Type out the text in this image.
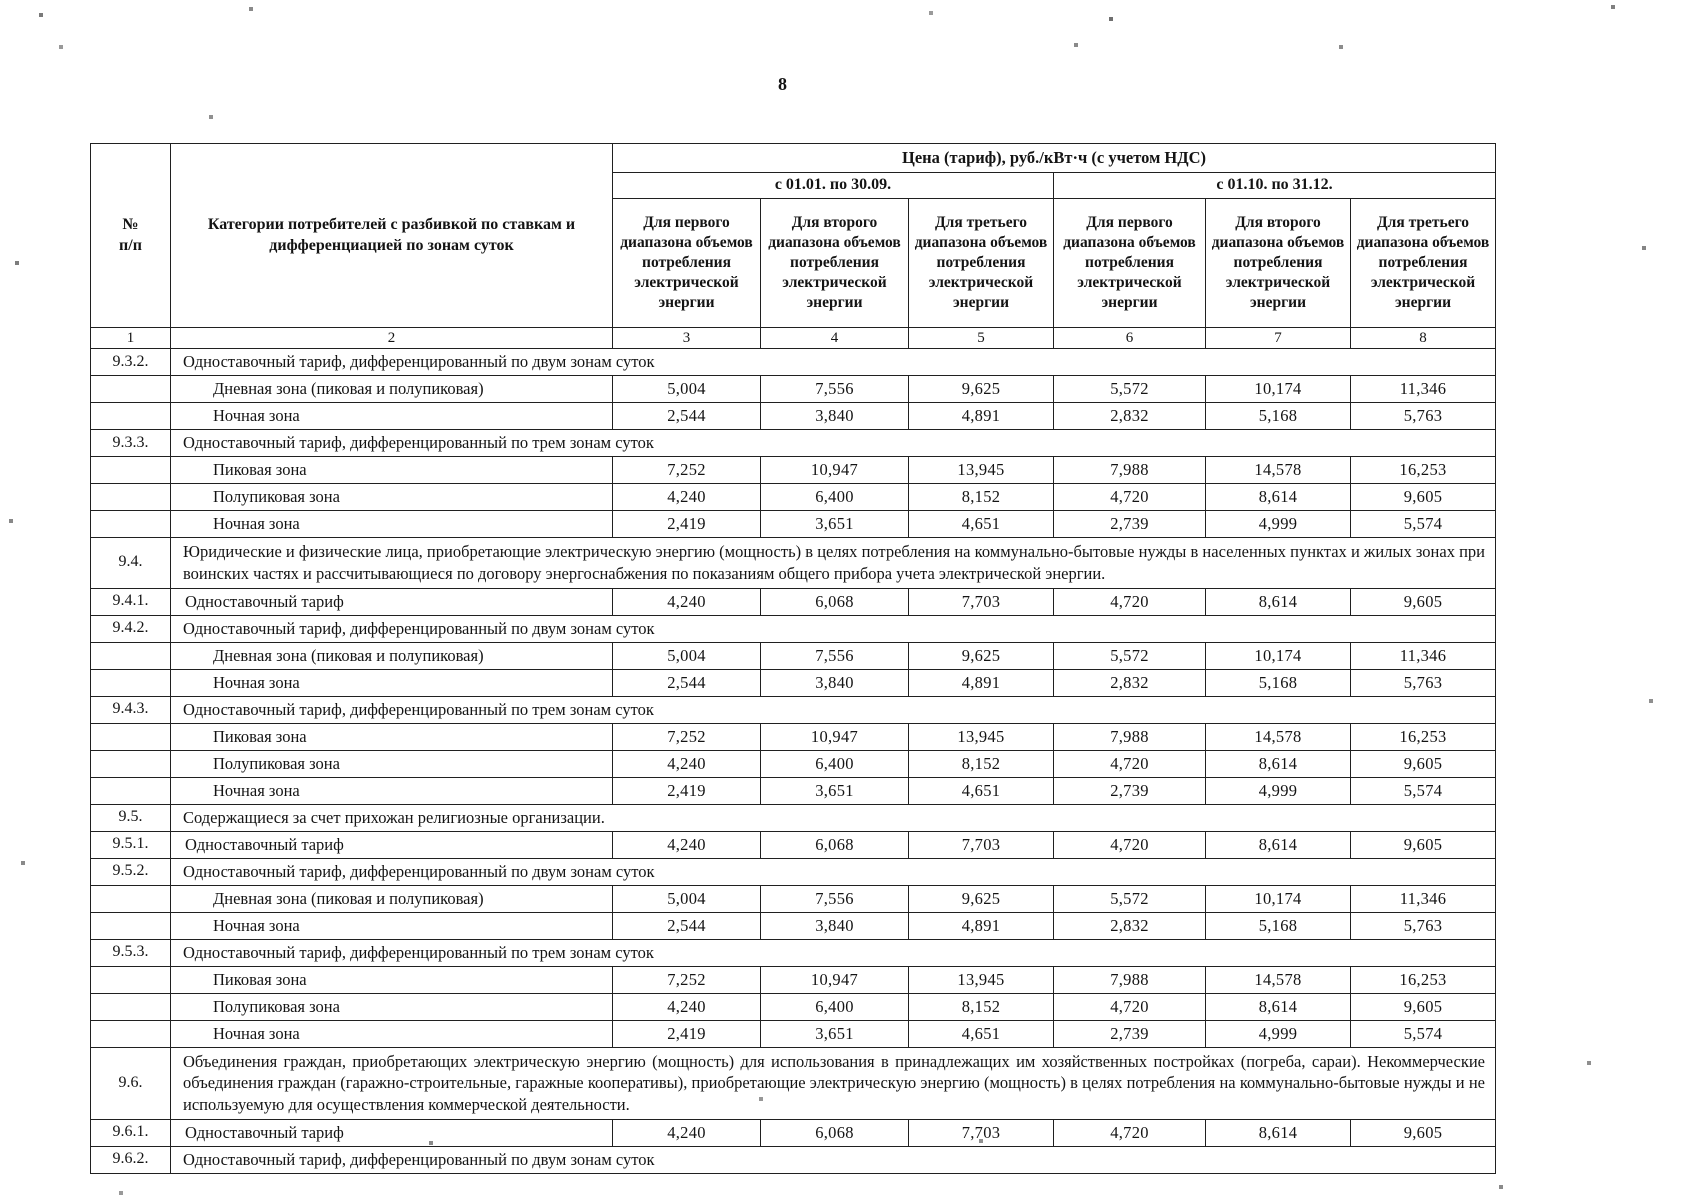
8
№
п/п	Категории потребителей с разбивкой по ставкам и дифференциацией по зонам суток	Цена (тариф), руб./кВт·ч (с учетом НДС)					
		с 01.01. по 30.09.			с 01.10. по 31.12.		
		Для первого диапазона объемов потребления электрической энергии	Для второго диапазона объемов потребления электрической энергии	Для третьего диапазона объемов потребления электрической энергии	Для первого диапазона объемов потребления электрической энергии	Для второго диапазона объемов потребления электрической энергии	Для третьего диапазона объемов потребления электрической энергии
1	2	3	4	5	6	7	8
9.3.2.	Одноставочный тариф, дифференцированный по двум зонам суток						
	Дневная зона (пиковая и полупиковая)	5,004	7,556	9,625	5,572	10,174	11,346
	Ночная зона	2,544	3,840	4,891	2,832	5,168	5,763
9.3.3.	Одноставочный тариф, дифференцированный по трем зонам суток						
	Пиковая зона	7,252	10,947	13,945	7,988	14,578	16,253
	Полупиковая зона	4,240	6,400	8,152	4,720	8,614	9,605
	Ночная зона	2,419	3,651	4,651	2,739	4,999	5,574
9.4.	Юридические и физические лица, приобретающие электрическую энергию (мощность) в целях потребления на коммунально-бытовые нужды в населенных пунктах и жилых зонах при воинских частях и рассчитывающиеся по договору энергоснабжения по показаниям общего прибора учета электрической энергии.						
9.4.1.	Одноставочный тариф	4,240	6,068	7,703	4,720	8,614	9,605
9.4.2.	Одноставочный тариф, дифференцированный по двум зонам суток						
	Дневная зона (пиковая и полупиковая)	5,004	7,556	9,625	5,572	10,174	11,346
	Ночная зона	2,544	3,840	4,891	2,832	5,168	5,763
9.4.3.	Одноставочный тариф, дифференцированный по трем зонам суток						
	Пиковая зона	7,252	10,947	13,945	7,988	14,578	16,253
	Полупиковая зона	4,240	6,400	8,152	4,720	8,614	9,605
	Ночная зона	2,419	3,651	4,651	2,739	4,999	5,574
9.5.	Содержащиеся за счет прихожан религиозные организации.						
9.5.1.	Одноставочный тариф	4,240	6,068	7,703	4,720	8,614	9,605
9.5.2.	Одноставочный тариф, дифференцированный по двум зонам суток						
	Дневная зона (пиковая и полупиковая)	5,004	7,556	9,625	5,572	10,174	11,346
	Ночная зона	2,544	3,840	4,891	2,832	5,168	5,763
9.5.3.	Одноставочный тариф, дифференцированный по трем зонам суток						
	Пиковая зона	7,252	10,947	13,945	7,988	14,578	16,253
	Полупиковая зона	4,240	6,400	8,152	4,720	8,614	9,605
	Ночная зона	2,419	3,651	4,651	2,739	4,999	5,574
9.6.	Объединения граждан, приобретающих электрическую энергию (мощность) для использования в принадлежащих им хозяйственных постройках (погреба, сараи). Некоммерческие объединения граждан (гаражно-строительные, гаражные кооперативы), приобретающие электрическую энергию (мощность) в целях потребления на коммунально-бытовые нужды и не используемую для осуществления коммерческой деятельности.						
9.6.1.	Одноставочный тариф	4,240	6,068	7,703	4,720	8,614	9,605
9.6.2.	Одноставочный тариф, дифференцированный по двум зонам суток						
